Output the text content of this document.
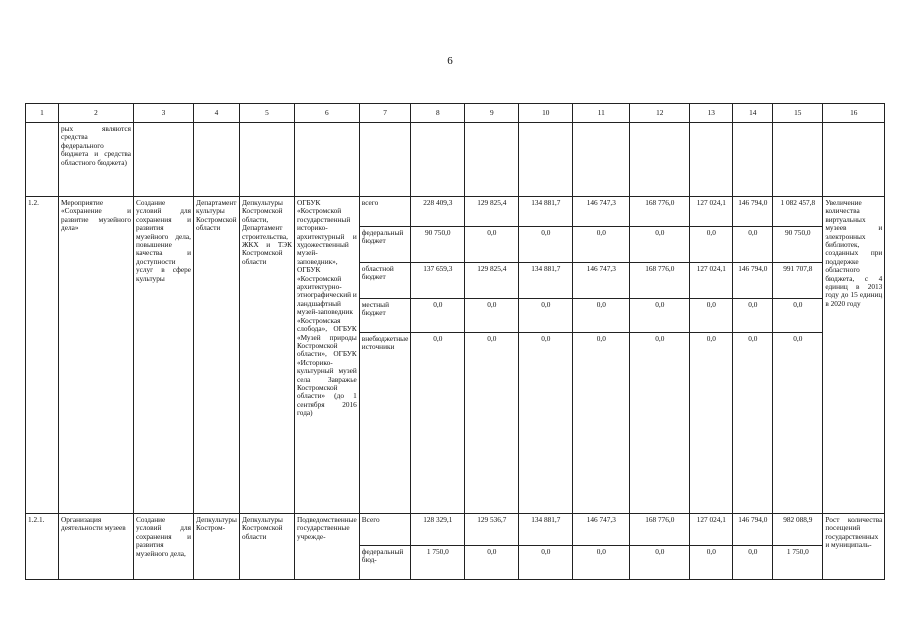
6
1	2	3	4	5	6	7	8	9	10	11	12	13	14	15	16
	рых являются средства федерального бюджета и средства областного бюджета)														
1.2.	Мероприятие «Сохранение и развитие музейного дела»	Создание условий для сохранения и развития музейного дела, повышение качества и доступности услуг в сфере культуры	Департамент культуры Костромской области	Депкультуры Костромской области, Департамент строительства, ЖКХ и ТЭК Костромской области	ОГБУК «Костромской государственный историко-архитектурный и художественный музей-заповедник», ОГБУК «Костромской архитектурно-этнографический и ландшафтный музей-заповедник «Костромская слобода», ОГБУК «Музей природы Костромской области», ОГБУК «Историко-культурный музей села Завражье Костромской области» (до 1 сентября 2016 года)	всего	228 409,3	129 825,4	134 881,7	146 747,3	168 776,0	127 024,1	146 794,0	1 082 457,8	Увеличение количества виртуальных музеев и электронных библиотек, созданных при поддержке областного бюджета, с 4 единиц в 2013 году до 15 единиц в 2020 году
						федеральный бюджет	90 750,0	0,0	0,0	0,0	0,0	0,0	0,0	90 750,0	
						областной бюджет	137 659,3	129 825,4	134 881,7	146 747,3	168 776,0	127 024,1	146 794,0	991 707,8	
						местный бюджет	0,0	0,0	0,0	0,0	0,0	0,0	0,0	0,0	
						внебюджетные источники	0,0	0,0	0,0	0,0	0,0	0,0	0,0	0,0	
1.2.1.	Организация деятельности музеев	Создание условий для сохранения и развития музейного дела,	Депкультуры Костром-	Депкультуры Костромской области	Подведомственные государственные учрежде-	Всего	128 329,1	129 536,7	134 881,7	146 747,3	168 776,0	127 024,1	146 794,0	982 088,9	Рост количества посещений государственных и муниципаль-
						федеральный бюд-	1 750,0	0,0	0,0	0,0	0,0	0,0	0,0	1 750,0	
